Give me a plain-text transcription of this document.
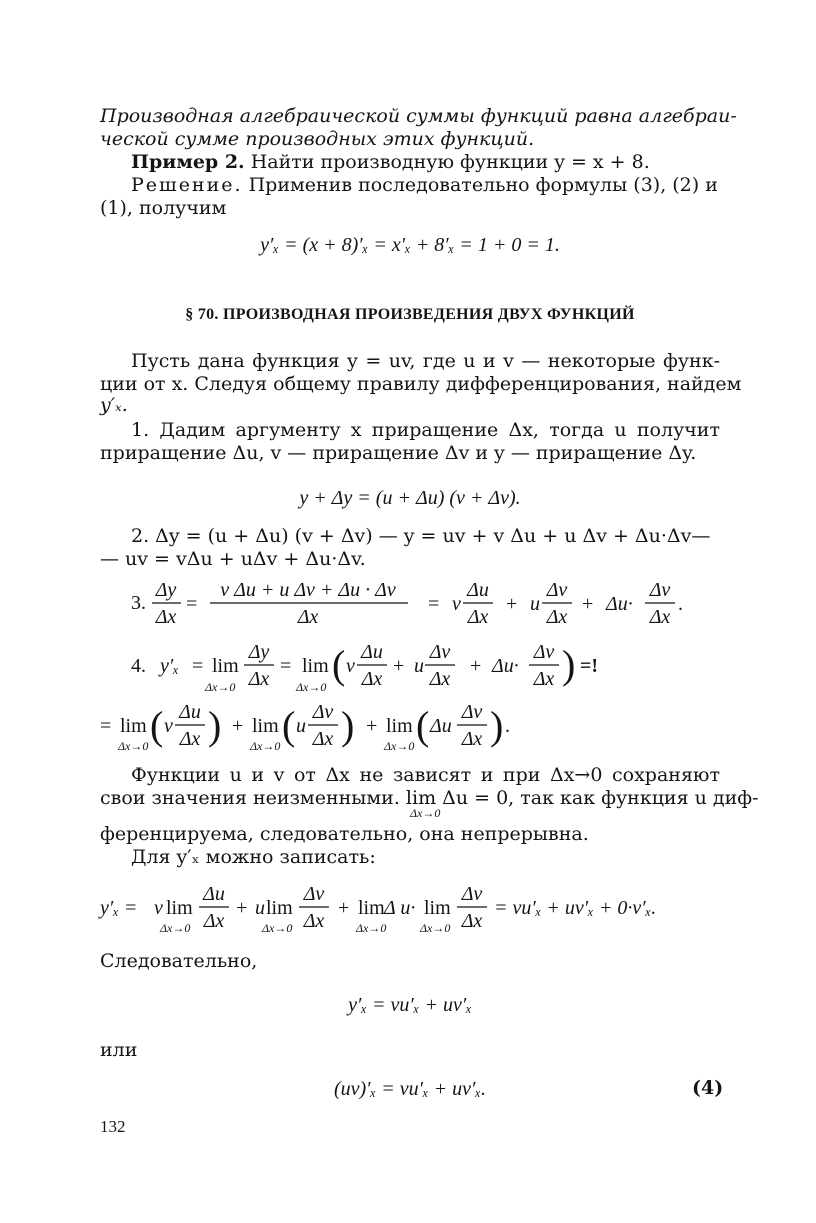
Производная алгебраической суммы функций равна алгебраи-
ческой сумме производных этих функций.
Пример 2. Найти производную функции y = x + 8.
Решение. Применив последовательно формулы (3), (2) и
(1), получим
y′ₓ = (x + 8)′ₓ = x′ₓ + 8′ₓ = 1 + 0 = 1.
§ 70. ПРОИЗВОДНАЯ ПРОИЗВЕДЕНИЯ ДВУХ ФУНКЦИЙ
Пусть дана функция y = uv, где u и v — некоторые функ-
ции от x. Следуя общему правилу дифференцирования, найдем
y′ₓ.
1. Дадим аргументу x приращение Δx, тогда u получит
приращение Δu, v — приращение Δv и y — приращение Δy.
y + Δy = (u + Δu) (v + Δv).
2. Δy = (u + Δu) (v + Δv) — y = uv + v Δu + u Δv + Δu·Δv—
— uv = vΔu + uΔv + Δu·Δv.
3.
Δy
Δx
=
v Δu + u Δv + Δu · Δv
Δx
= v
Δu
Δx
+ u
Δv
Δx
+ Δu·
Δv
Δx
.
4. y′ₓ = lim
Δx→0
Δy
Δx
= lim
Δx→0 ( v
Δu
Δx
+ u
Δv
Δx
+ Δu·
Δv
Δx ) =!
= lim
Δx→0 ( v
Δu
Δx ) + lim
Δx→0 ( u
Δv
Δx ) + lim
Δx→0 ( Δu
Δv
Δx ) .
Функции u и v от Δx не зависят и при Δx→0 сохраняют
свои значения неизменными. lim Δu = 0, так как функция u диф-
Δx→0
ференцируема, следовательно, она непрерывна.
Для y′ₓ можно записать:
y′ₓ = v lim
Δx→0
Δu
Δx
+ u lim
Δx→0
Δv
Δx
+ lim Δ u·
Δx→0
lim
Δx→0
Δv
Δx
= vu′ₓ + uv′ₓ + 0·v′ₓ.
Следовательно,
y′ₓ = vu′ₓ + uv′ₓ
или
(uv)′ₓ = vu′ₓ + uv′ₓ.	(4)
132
